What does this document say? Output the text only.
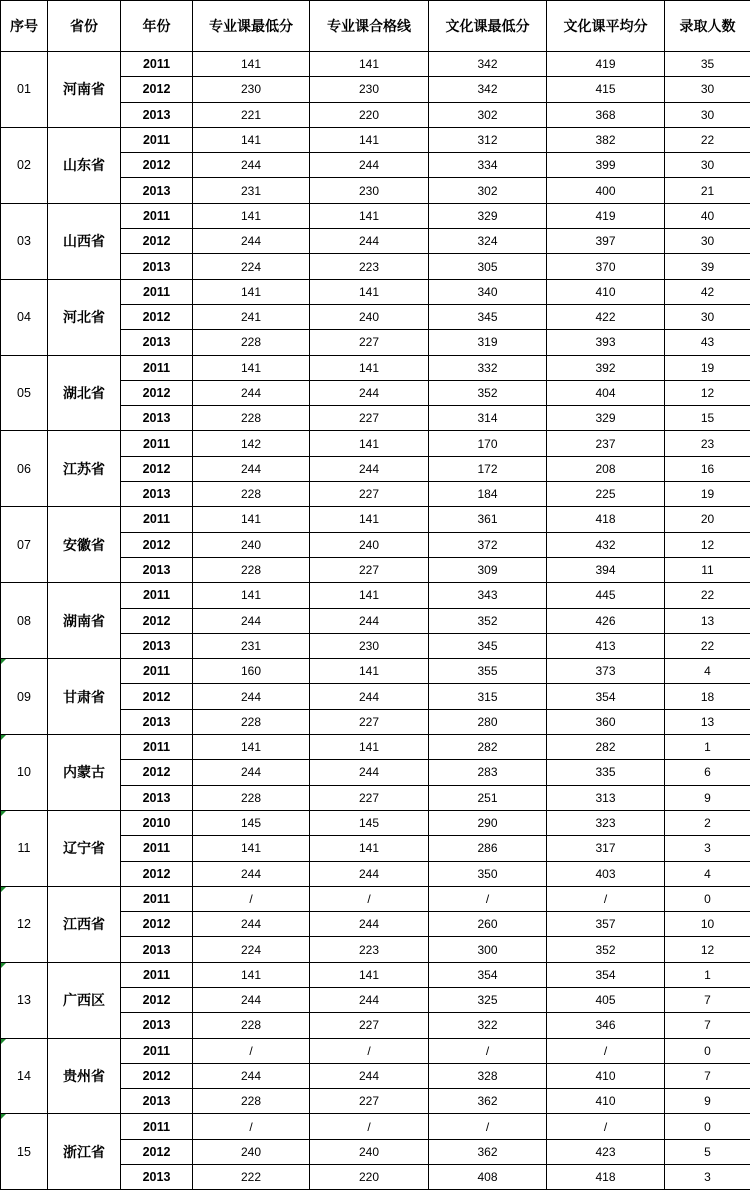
序号	省份	年份	专业课最低分	专业课合格线	文化课最低分	文化课平均分	录取人数
01	河南省	2011	141	141	342	419	35
		2012	230	230	342	415	30
		2013	221	220	302	368	30
02	山东省	2011	141	141	312	382	22
		2012	244	244	334	399	30
		2013	231	230	302	400	21
03	山西省	2011	141	141	329	419	40
		2012	244	244	324	397	30
		2013	224	223	305	370	39
04	河北省	2011	141	141	340	410	42
		2012	241	240	345	422	30
		2013	228	227	319	393	43
05	湖北省	2011	141	141	332	392	19
		2012	244	244	352	404	12
		2013	228	227	314	329	15
06	江苏省	2011	142	141	170	237	23
		2012	244	244	172	208	16
		2013	228	227	184	225	19
07	安徽省	2011	141	141	361	418	20
		2012	240	240	372	432	12
		2013	228	227	309	394	11
08	湖南省	2011	141	141	343	445	22
		2012	244	244	352	426	13
		2013	231	230	345	413	22
09	甘肃省	2011	160	141	355	373	4
		2012	244	244	315	354	18
		2013	228	227	280	360	13
10	内蒙古	2011	141	141	282	282	1
		2012	244	244	283	335	6
		2013	228	227	251	313	9
11	辽宁省	2010	145	145	290	323	2
		2011	141	141	286	317	3
		2012	244	244	350	403	4
12	江西省	2011	/	/	/	/	0
		2012	244	244	260	357	10
		2013	224	223	300	352	12
13	广西区	2011	141	141	354	354	1
		2012	244	244	325	405	7
		2013	228	227	322	346	7
14	贵州省	2011	/	/	/	/	0
		2012	244	244	328	410	7
		2013	228	227	362	410	9
15	浙江省	2011	/	/	/	/	0
		2012	240	240	362	423	5
		2013	222	220	408	418	3
